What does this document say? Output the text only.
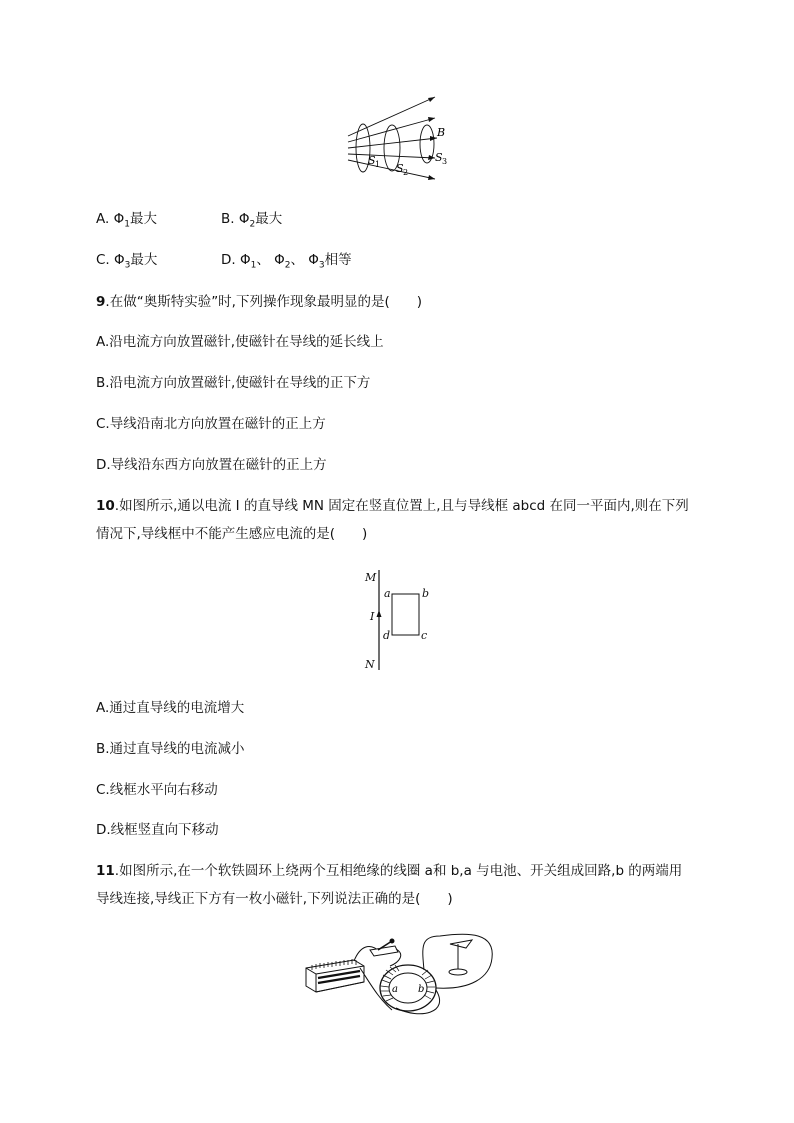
B
S 1 S 2
S 3
A. $\Phi_1$最大	B. $\Phi_2$最大
C. $\Phi_3$最大	D. $\Phi_1$、 $\Phi_2$、 $\Phi_3$相等
9.在做“奥斯特实验”时,下列操作现象最明显的是(　　)
A.沿电流方向放置磁针,使磁针在导线的延长线上
B.沿电流方向放置磁针,使磁针在导线的正下方
C.导线沿南北方向放置在磁针的正上方
D.导线沿东西方向放置在磁针的正上方
10.如图所示,通以电流 I 的直导线 MN 固定在竖直位置上,且与导线框 abcd 在同一平面内,则在下列
情况下,导线框中不能产生感应电流的是(　　)
M
N
I
a	b
c
d
A.通过直导线的电流增大
B.通过直导线的电流减小
C.线框水平向右移动
D.线框竖直向下移动
11.如图所示,在一个软铁圆环上绕两个互相绝缘的线圈 a和 b,a 与电池、开关组成回路,b 的两端用
导线连接,导线正下方有一枚小磁针,下列说法正确的是(　　)
a b
